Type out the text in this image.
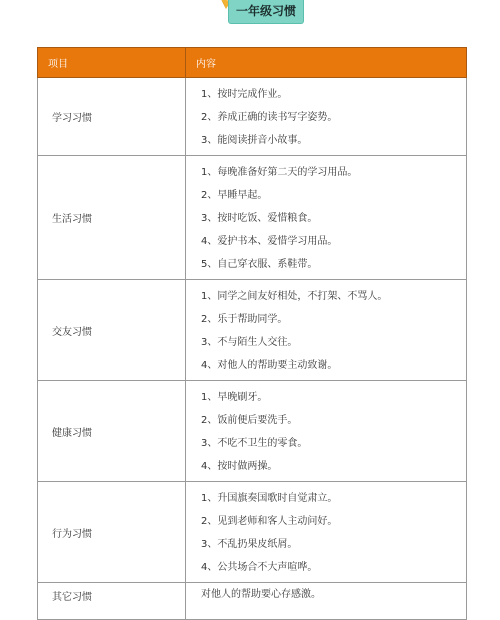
一年级习惯
项目	内容
学习习惯	1、按时完成作业。
2、养成正确的读书写字姿势。
3、能阅读拼音小故事。

生活习惯	1、每晚准备好第二天的学习用品。
2、早睡早起。
3、按时吃饭、爱惜粮食。
4、爱护书本、爱惜学习用品。
5、自己穿衣服、系鞋带。

交友习惯	1、同学之间友好相处，不打架、不骂人。
2、乐于帮助同学。
3、不与陌生人交往。
4、对他人的帮助要主动致谢。

健康习惯	1、早晚刷牙。
2、饭前便后要洗手。
3、不吃不卫生的零食。
4、按时做两操。

行为习惯	1、升国旗奏国歌时自觉肃立。
2、见到老师和客人主动问好。
3、不乱扔果皮纸屑。
4、公共场合不大声喧哗。

其它习惯	对他人的帮助要心存感激。
